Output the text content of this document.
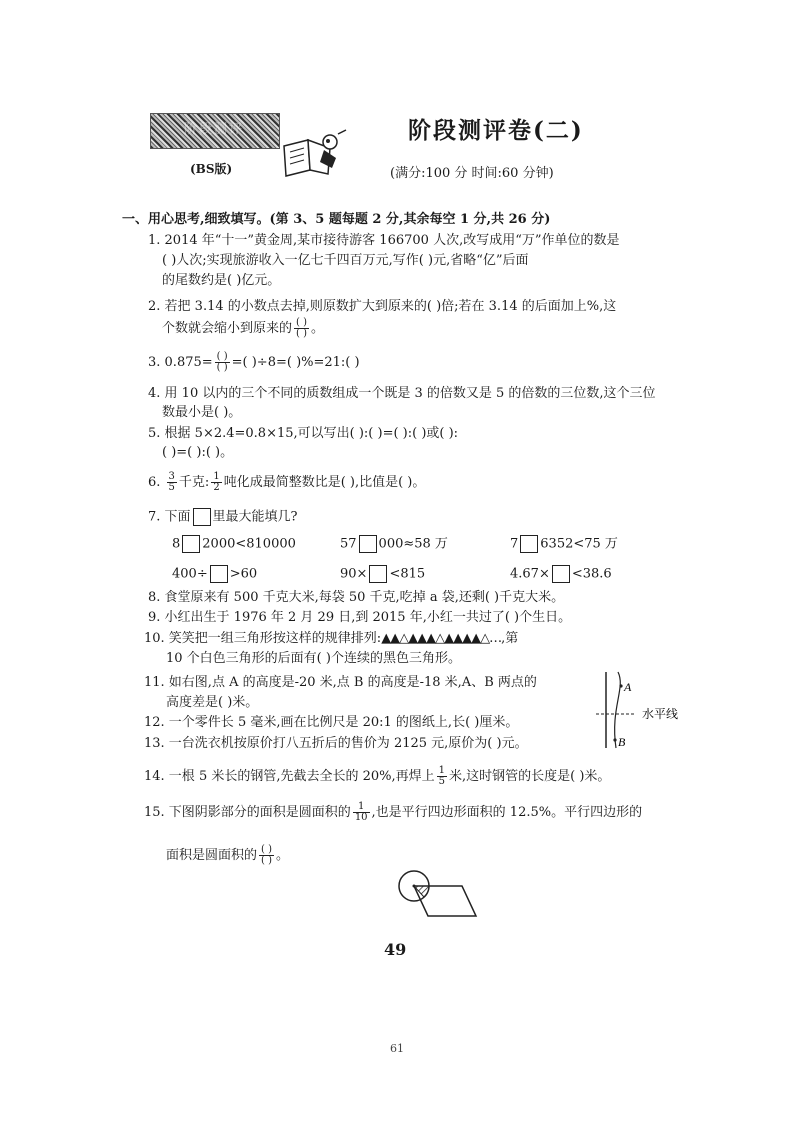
阶段测评
(BS版)
阶段测评卷(二)
(满分:100 分 时间:60 分钟)
一、用心思考,细致填写。(第 3、5 题每题 2 分,其余每空 1 分,共 26 分)
1. 2014 年“十一”黄金周,某市接待游客 166700 人次,改写成用“万”作单位的数是
( )人次;实现旅游收入一亿七千四百万元,写作( )元,省略“亿”后面
的尾数约是( )亿元。
2. 若把 3.14 的小数点去掉,则原数扩大到原来的( )倍;若在 3.14 的后面加上%,这
个数就会缩小到原来的 $\frac{( )}{( )}$ 。
3. $0.875= \frac{( )}{( )}$ =( )÷8=( )%=21:( )
4. 用 10 以内的三个不同的质数组成一个既是 3 的倍数又是 5 的倍数的三位数,这个三位
数最小是( )。
5. 根据 5×2.4=0.8×15,可以写出( ):( )=( ):( )或( ):
( )=( ):( )。
6. $\frac{3}{5}$ 千克: $\frac{1}{2}$ 吨化成最简整数比是( ),比值是( )。
7. 下面 里最大能填几?
8 2000<810000	57 000≈58 万	7 6352<75 万
400÷ >60	90× <815	4.67× <38.6
8. 食堂原来有 500 千克大米,每袋 50 千克,吃掉 a 袋,还剩( )千克大米。
9. 小红出生于 1976 年 2 月 29 日,到 2015 年,小红一共过了( )个生日。
10. 笑笑把一组三角形按这样的规律排列:▲▲△▲▲▲△▲▲▲▲△…,第
10 个白色三角形的后面有( )个连续的黑色三角形。
11. 如右图,点 A 的高度是-20 米,点 B 的高度是-18 米,A、B 两点的
高度差是( )米。
A
B
水平线
12. 一个零件长 5 毫米,画在比例尺是 20:1 的图纸上,长( )厘米。
13. 一台洗衣机按原价打八五折后的售价为 2125 元,原价为( )元。
14. 一根 5 米长的钢管,先截去全长的 20%,再焊上 $\frac{1}{5}$ 米,这时钢管的长度是( )米。
15. 下图阴影部分的面积是圆面积的 $\frac{1}{10}$ ,也是平行四边形面积的 12.5%。平行四边形的
面积是圆面积的 $\frac{( )}{( )}$ 。
49
61
